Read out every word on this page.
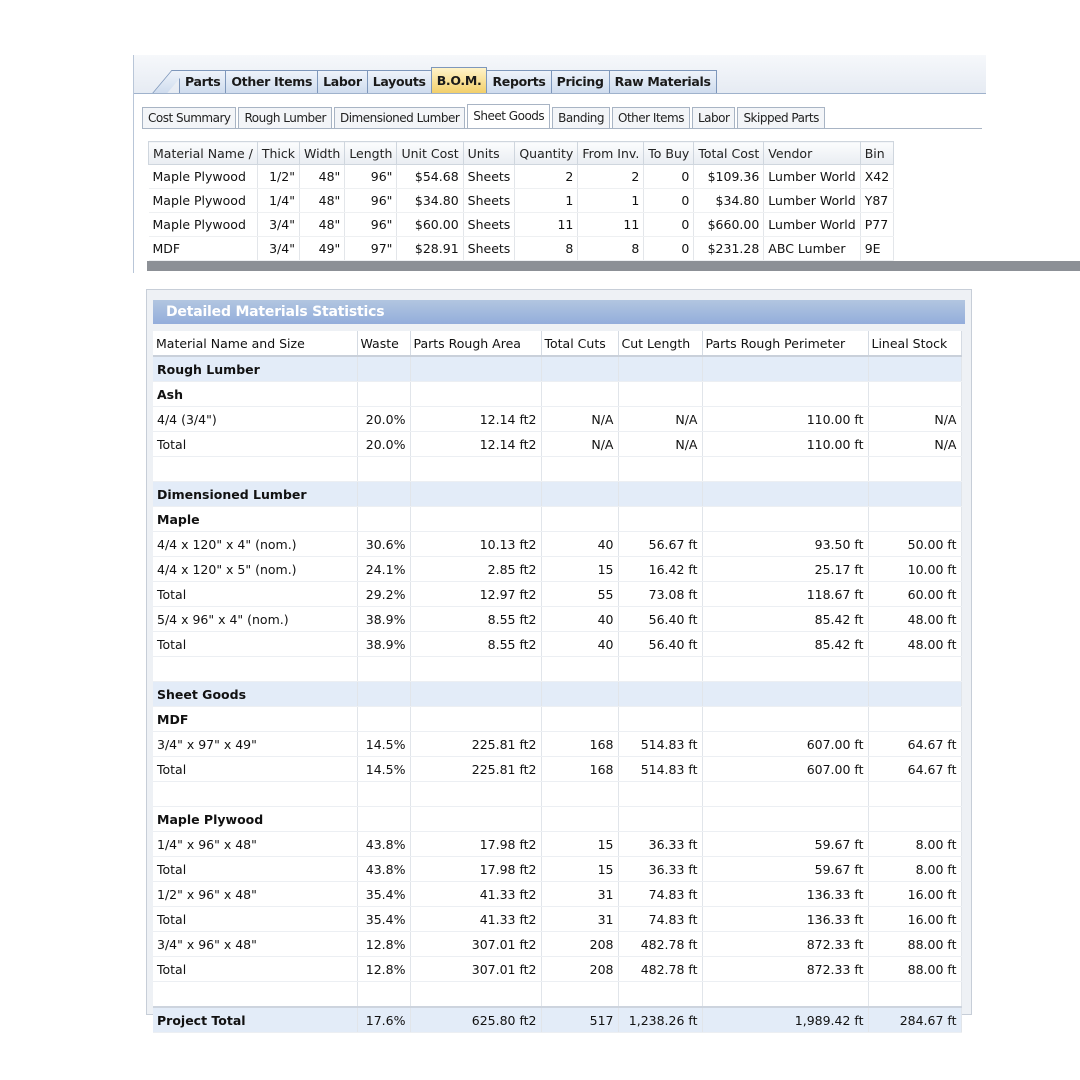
Parts Other Items Labor Layouts B.O.M. Reports Pricing Raw Materials
Cost Summary	Rough Lumber	Dimensioned Lumber	Sheet Goods	Banding	Other Items	Labor	Skipped Parts
Material Name /	Thick	Width	Length	Unit Cost	Units	Quantity	From Inv.	To Buy	Total Cost	Vendor	Bin
Maple Plywood	1/2"	48"	96"	$54.68	Sheets	2	2	0	$109.36	Lumber World	X42
Maple Plywood	1/4"	48"	96"	$34.80	Sheets	1	1	0	$34.80	Lumber World	Y87
Maple Plywood	3/4"	48"	96"	$60.00	Sheets	11	11	0	$660.00	Lumber World	P77
MDF	3/4"	49"	97"	$28.91	Sheets	8	8	0	$231.28	ABC Lumber	9E
Detailed Materials Statistics
Material Name and Size	Waste	Parts Rough Area	Total Cuts	Cut Length	Parts Rough Perimeter	Lineal Stock
Rough Lumber						
Ash						
4/4 (3/4")	20.0%	12.14 ft2	N/A	N/A	110.00 ft	N/A
Total	20.0%	12.14 ft2	N/A	N/A	110.00 ft	N/A

Dimensioned Lumber						
Maple						
4/4 x 120" x 4" (nom.)	30.6%	10.13 ft2	40	56.67 ft	93.50 ft	50.00 ft
4/4 x 120" x 5" (nom.)	24.1%	2.85 ft2	15	16.42 ft	25.17 ft	10.00 ft
Total	29.2%	12.97 ft2	55	73.08 ft	118.67 ft	60.00 ft
5/4 x 96" x 4" (nom.)	38.9%	8.55 ft2	40	56.40 ft	85.42 ft	48.00 ft
Total	38.9%	8.55 ft2	40	56.40 ft	85.42 ft	48.00 ft

Sheet Goods						
MDF						
3/4" x 97" x 49"	14.5%	225.81 ft2	168	514.83 ft	607.00 ft	64.67 ft
Total	14.5%	225.81 ft2	168	514.83 ft	607.00 ft	64.67 ft

Maple Plywood						
1/4" x 96" x 48"	43.8%	17.98 ft2	15	36.33 ft	59.67 ft	8.00 ft
Total	43.8%	17.98 ft2	15	36.33 ft	59.67 ft	8.00 ft
1/2" x 96" x 48"	35.4%	41.33 ft2	31	74.83 ft	136.33 ft	16.00 ft
Total	35.4%	41.33 ft2	31	74.83 ft	136.33 ft	16.00 ft
3/4" x 96" x 48"	12.8%	307.01 ft2	208	482.78 ft	872.33 ft	88.00 ft
Total	12.8%	307.01 ft2	208	482.78 ft	872.33 ft	88.00 ft

Project Total	17.6%	625.80 ft2	517	1,238.26 ft	1,989.42 ft	284.67 ft
